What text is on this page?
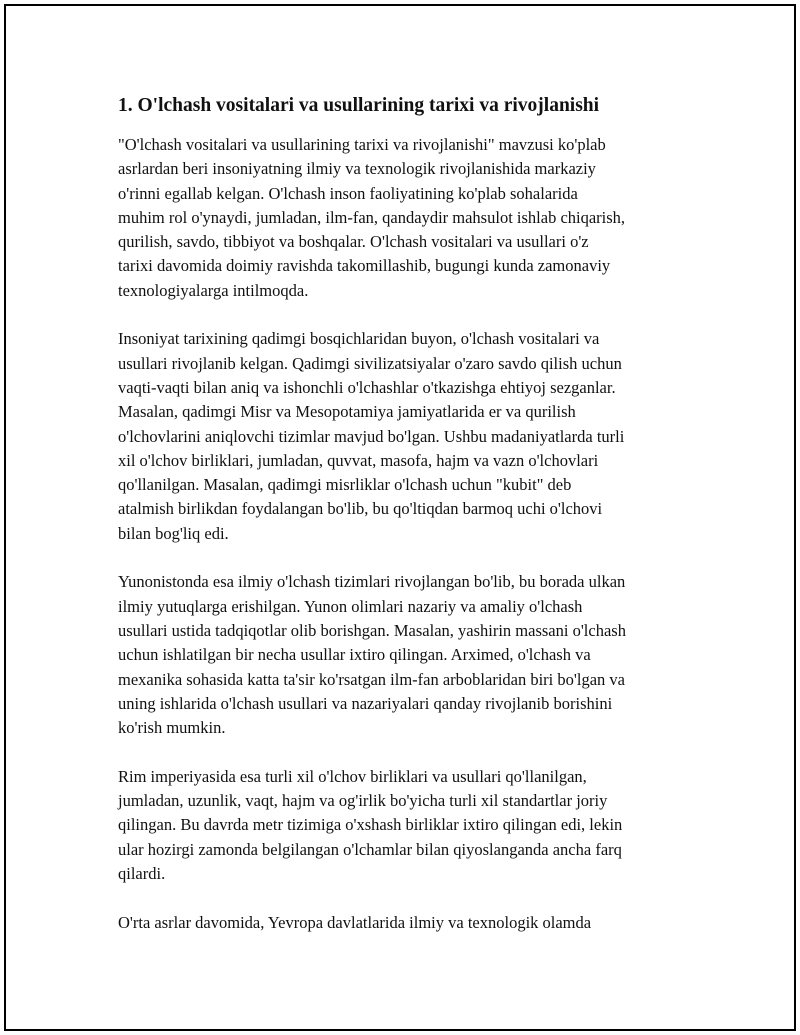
1. O'lchash vositalari va usullarining tarixi va rivojlanishi
"O'lchash vositalari va usullarining tarixi va rivojlanishi" mavzusi ko'plab
asrlardan beri insoniyatning ilmiy va texnologik rivojlanishida markaziy
o'rinni egallab kelgan. O'lchash inson faoliyatining ko'plab sohalarida
muhim rol o'ynaydi, jumladan, ilm-fan, qandaydir mahsulot ishlab chiqarish,
qurilish, savdo, tibbiyot va boshqalar. O'lchash vositalari va usullari o'z
tarixi davomida doimiy ravishda takomillashib, bugungi kunda zamonaviy
texnologiyalarga intilmoqda.
Insoniyat tarixining qadimgi bosqichlaridan buyon, o'lchash vositalari va
usullari rivojlanib kelgan. Qadimgi sivilizatsiyalar o'zaro savdo qilish uchun
vaqti-vaqti bilan aniq va ishonchli o'lchashlar o'tkazishga ehtiyoj sezganlar.
Masalan, qadimgi Misr va Mesopotamiya jamiyatlarida er va qurilish
o'lchovlarini aniqlovchi tizimlar mavjud bo'lgan. Ushbu madaniyatlarda turli
xil o'lchov birliklari, jumladan, quvvat, masofa, hajm va vazn o'lchovlari
qo'llanilgan. Masalan, qadimgi misrliklar o'lchash uchun "kubit" deb
atalmish birlikdan foydalangan bo'lib, bu qo'ltiqdan barmoq uchi o'lchovi
bilan bog'liq edi.
Yunonistonda esa ilmiy o'lchash tizimlari rivojlangan bo'lib, bu borada ulkan
ilmiy yutuqlarga erishilgan. Yunon olimlari nazariy va amaliy o'lchash
usullari ustida tadqiqotlar olib borishgan. Masalan, yashirin massani o'lchash
uchun ishlatilgan bir necha usullar ixtiro qilingan. Arximed, o'lchash va
mexanika sohasida katta ta'sir ko'rsatgan ilm-fan arboblaridan biri bo'lgan va
uning ishlarida o'lchash usullari va nazariyalari qanday rivojlanib borishini
ko'rish mumkin.
Rim imperiyasida esa turli xil o'lchov birliklari va usullari qo'llanilgan,
jumladan, uzunlik, vaqt, hajm va og'irlik bo'yicha turli xil standartlar joriy
qilingan. Bu davrda metr tizimiga o'xshash birliklar ixtiro qilingan edi, lekin
ular hozirgi zamonda belgilangan o'lchamlar bilan qiyoslanganda ancha farq
qilardi.
O'rta asrlar davomida, Yevropa davlatlarida ilmiy va texnologik olamda
